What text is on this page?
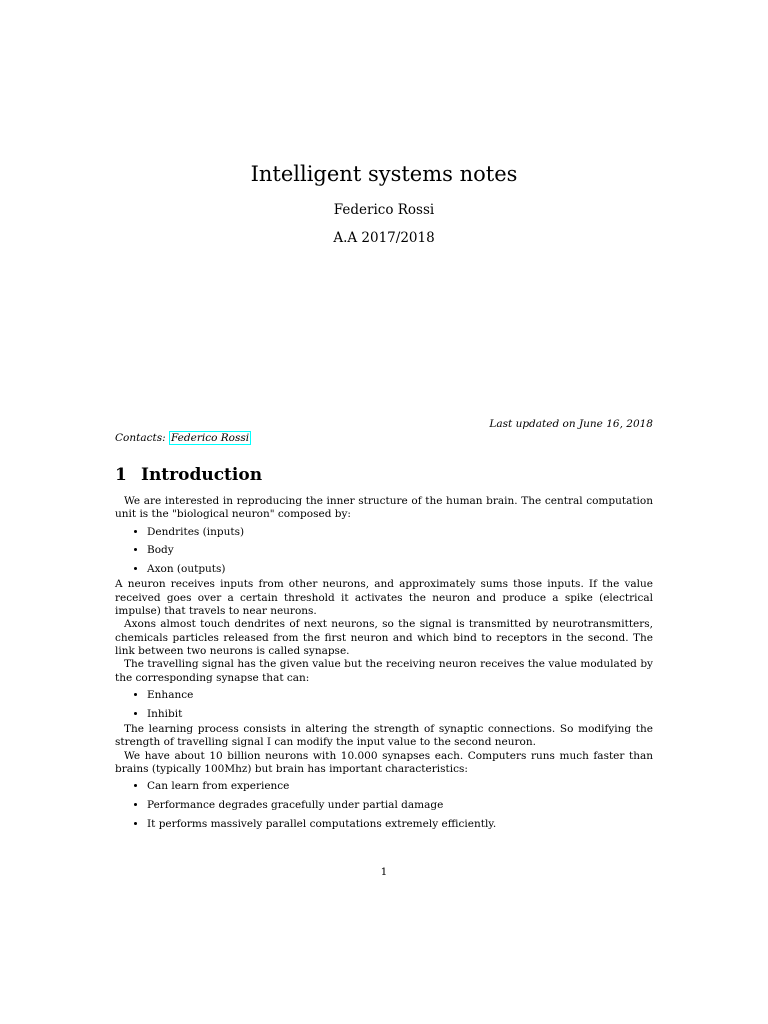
Intelligent systems notes
Federico Rossi
A.A 2017/2018
Last updated on June 16, 2018
Contacts: Federico Rossi
1 Introduction

We are interested in reproducing the inner structure of the human brain. The central computation unit is the "biological neuron" composed by:

• Dendrites (inputs)
• Body
• Axon (outputs)

A neuron receives inputs from other neurons, and approximately sums those inputs. If the value received goes over a certain threshold it activates the neuron and produce a spike (electrical impulse) that travels to near neurons.

Axons almost touch dendrites of next neurons, so the signal is transmitted by neurotransmitters, chemicals particles released from the first neuron and which bind to receptors in the second. The link between two neurons is called synapse.

The travelling signal has the given value but the receiving neuron receives the value modulated by the corresponding synapse that can:

• Enhance
• Inhibit

The learning process consists in altering the strength of synaptic connections. So modifying the strength of travelling signal I can modify the input value to the second neuron.

We have about 10 billion neurons with 10.000 synapses each. Computers runs much faster than brains (typically 100Mhz) but brain has important characteristics:

• Can learn from experience
• Performance degrades gracefully under partial damage
• It performs massively parallel computations extremely efficiently.
1
